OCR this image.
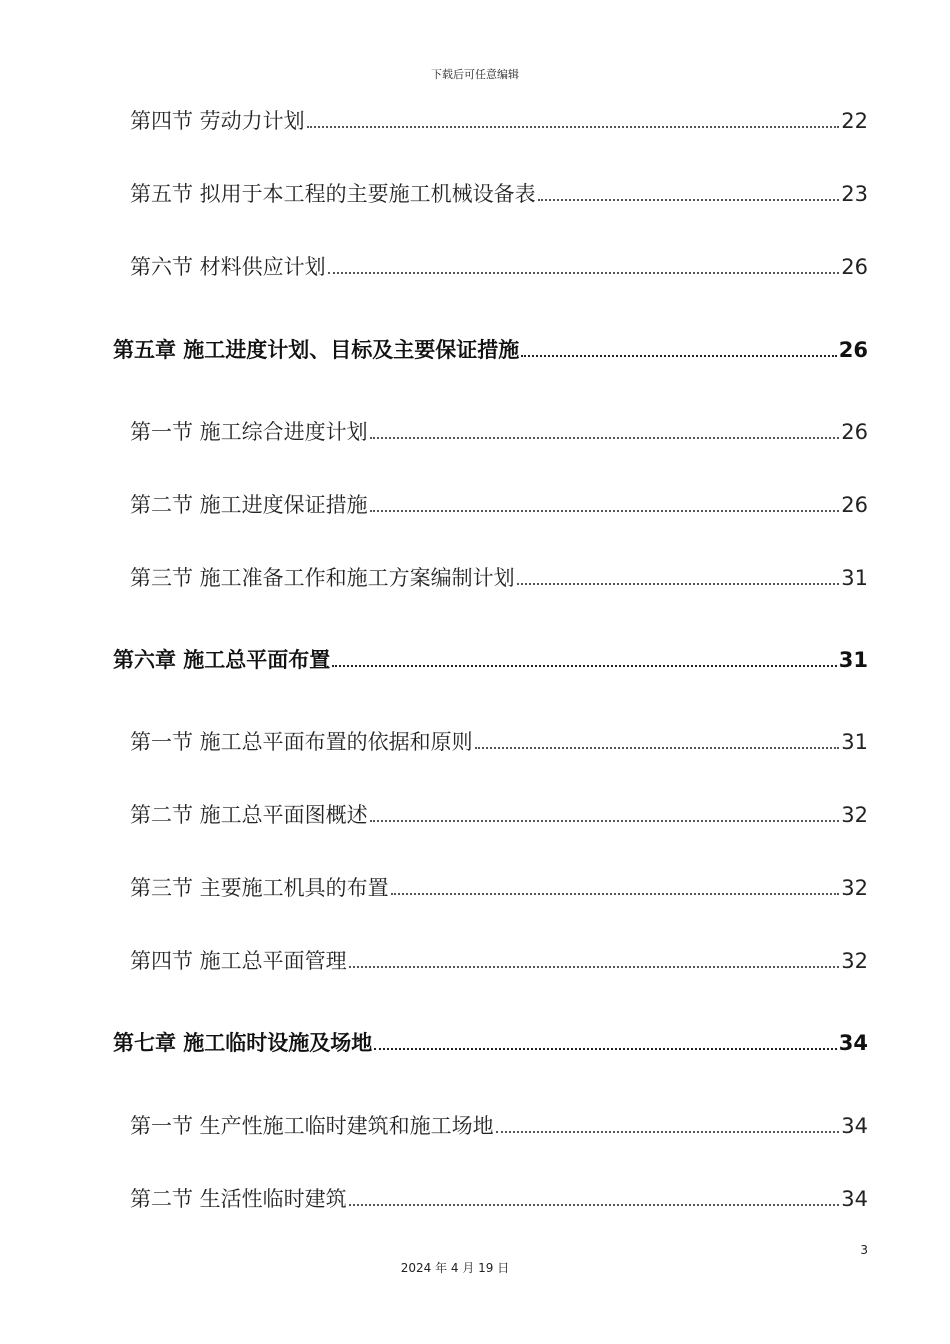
下载后可任意编辑
第四节 劳动力计划	22
第五节 拟用于本工程的主要施工机械设备表	23
第六节 材料供应计划	26
第五章 施工进度计划、目标及主要保证措施	26
第一节 施工综合进度计划	26
第二节 施工进度保证措施	26
第三节 施工准备工作和施工方案编制计划	31
第六章 施工总平面布置	31
第一节 施工总平面布置的依据和原则	31
第二节 施工总平面图概述	32
第三节 主要施工机具的布置	32
第四节 施工总平面管理	32
第七章 施工临时设施及场地	34
第一节 生产性施工临时建筑和施工场地	34
第二节 生活性临时建筑	34
3
2024 年 4 月 19 日
